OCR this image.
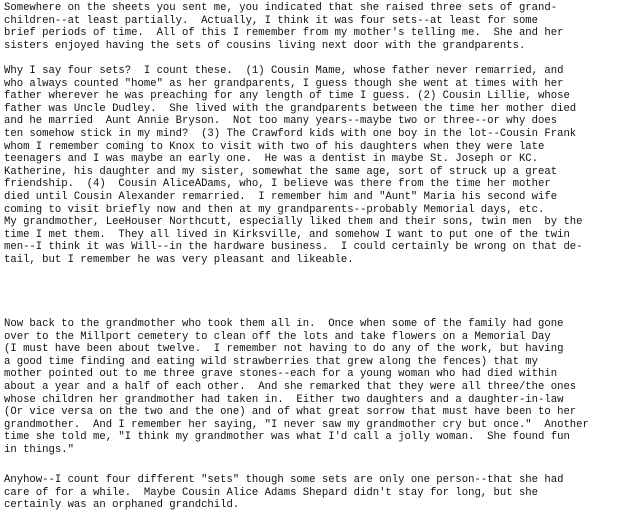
Somewhere on the sheets you sent me, you indicated that she raised three sets of grand-
children--at least partially.  Actually, I think it was four sets--at least for some
brief periods of time.  All of this I remember from my mother's telling me.  She and her
sisters enjoyed having the sets of cousins living next door with the grandparents.
Why I say four sets?  I count these.  (1) Cousin Mame, whose father never remarried, and
who always counted "home" as her grandparents, I guess though she went at times with her
father wherever he was preaching for any length of time I guess. (2) Cousin Lillie, whose
father was Uncle Dudley.  She lived with the grandparents between the time her mother died
and he married  Aunt Annie Bryson.  Not too many years--maybe two or three--or why does
ten somehow stick in my mind?  (3) The Crawford kids with one boy in the lot--Cousin Frank
whom I remember coming to Knox to visit with two of his daughters when they were late
teenagers and I was maybe an early one.  He was a dentist in maybe St. Joseph or KC.
Katherine, his daughter and my sister, somewhat the same age, sort of struck up a great
friendship.  (4)  Cousin AliceADams, who, I believe was there from the time her mother
died until Cousin Alexander remarried.  I remember him and "Aunt" Maria his second wife
coming to visit briefly now and then at my grandparents--probably Memorial days, etc.
My grandmother, LeeHouser Northcutt, especially liked them and their sons, twin men  by the
time I met them.  They all lived in Kirksville, and somehow I want to put one of the twin
men--I think it was Will--in the hardware business.  I could certainly be wrong on that de-
tail, but I remember he was very pleasant and likeable.
Now back to the grandmother who took them all in.  Once when some of the family had gone
over to the Millport cemetery to clean off the lots and take flowers on a Memorial Day
(I must have been about twelve.  I remember not having to do any of the work, but having
a good time finding and eating wild strawberries that grew along the fences) that my
mother pointed out to me three grave stones--each for a young woman who had died within
about a year and a half of each other.  And she remarked that they were all three/the ones
whose children her grandmother had taken in.  Either two daughters and a daughter-in-law
(Or vice versa on the two and the one) and of what great sorrow that must have been to her
grandmother.  And I remember her saying, "I never saw my grandmother cry but once."  Another
time she told me, "I think my grandmother was what I'd call a jolly woman.  She found fun
in things."
Anyhow--I count four different "sets" though some sets are only one person--that she had
care of for a while.  Maybe Cousin Alice Adams Shepard didn't stay for long, but she
certainly was an orphaned grandchild.
